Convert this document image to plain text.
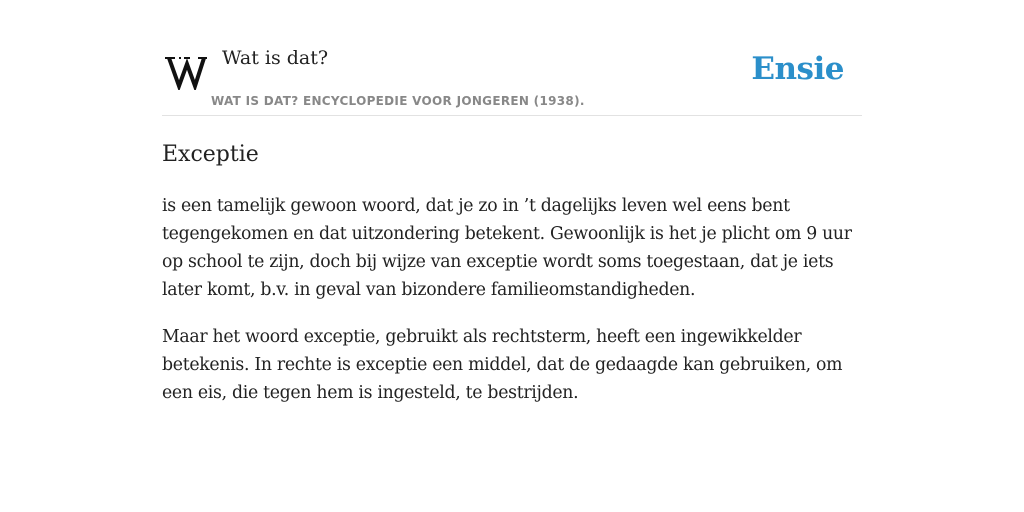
Wat is dat?
WAT IS DAT? ENCYCLOPEDIE VOOR JONGEREN (1938).
Ensie
Exceptie

is een tamelijk gewoon woord, dat je zo in ’t dagelijks leven wel eens bent tegengekomen en dat uitzondering betekent. Gewoonlijk is het je plicht om 9 uur op school te zijn, doch bij wijze van exceptie wordt soms toegestaan, dat je iets later komt, b.v. in geval van bizondere familieomstandigheden.

Maar het woord exceptie, gebruikt als rechtsterm, heeft een ingewikkelder betekenis. In rechte is exceptie een middel, dat de gedaagde kan gebruiken, om een eis, die tegen hem is ingesteld, te bestrijden.
